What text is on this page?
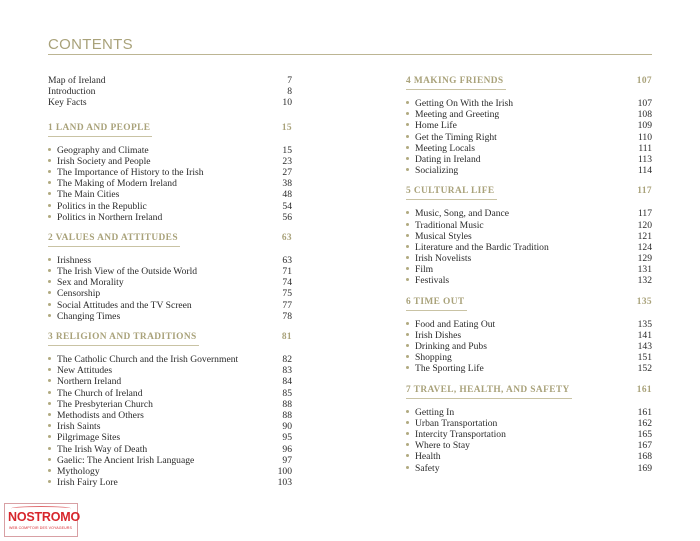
CONTENTS
Map of Ireland	7
Introduction	8
Key Facts	10
1 LAND AND PEOPLE	15
Geography and Climate	15
Irish Society and People	23
The Importance of History to the Irish	27
The Making of Modern Ireland	38
The Main Cities	48
Politics in the Republic	54
Politics in Northern Ireland	56
2 VALUES AND ATTITUDES	63
Irishness	63
The Irish View of the Outside World	71
Sex and Morality	74
Censorship	75
Social Attitudes and the TV Screen	77
Changing Times	78
3 RELIGION AND TRADITIONS	81
The Catholic Church and the Irish Government	82
New Attitudes	83
Northern Ireland	84
The Church of Ireland	85
The Presbyterian Church	88
Methodists and Others	88
Irish Saints	90
Pilgrimage Sites	95
The Irish Way of Death	96
Gaelic: The Ancient Irish Language	97
Mythology	100
Irish Fairy Lore	103
4 MAKING FRIENDS	107
Getting On With the Irish	107
Meeting and Greeting	108
Home Life	109
Get the Timing Right	110
Meeting Locals	111
Dating in Ireland	113
Socializing	114
5 CULTURAL LIFE	117
Music, Song, and Dance	117
Traditional Music	120
Musical Styles	121
Literature and the Bardic Tradition	124
Irish Novelists	129
Film	131
Festivals	132
6 TIME OUT	135
Food and Eating Out	135
Irish Dishes	141
Drinking and Pubs	143
Shopping	151
The Sporting Life	152
7 TRAVEL, HEALTH, AND SAFETY	161
Getting In	161
Urban Transportation	162
Intercity Transportation	165
Where to Stay	167
Health	168
Safety	169
NOSTROMO
WEB COMPTOIR DES VOYAGEURS
